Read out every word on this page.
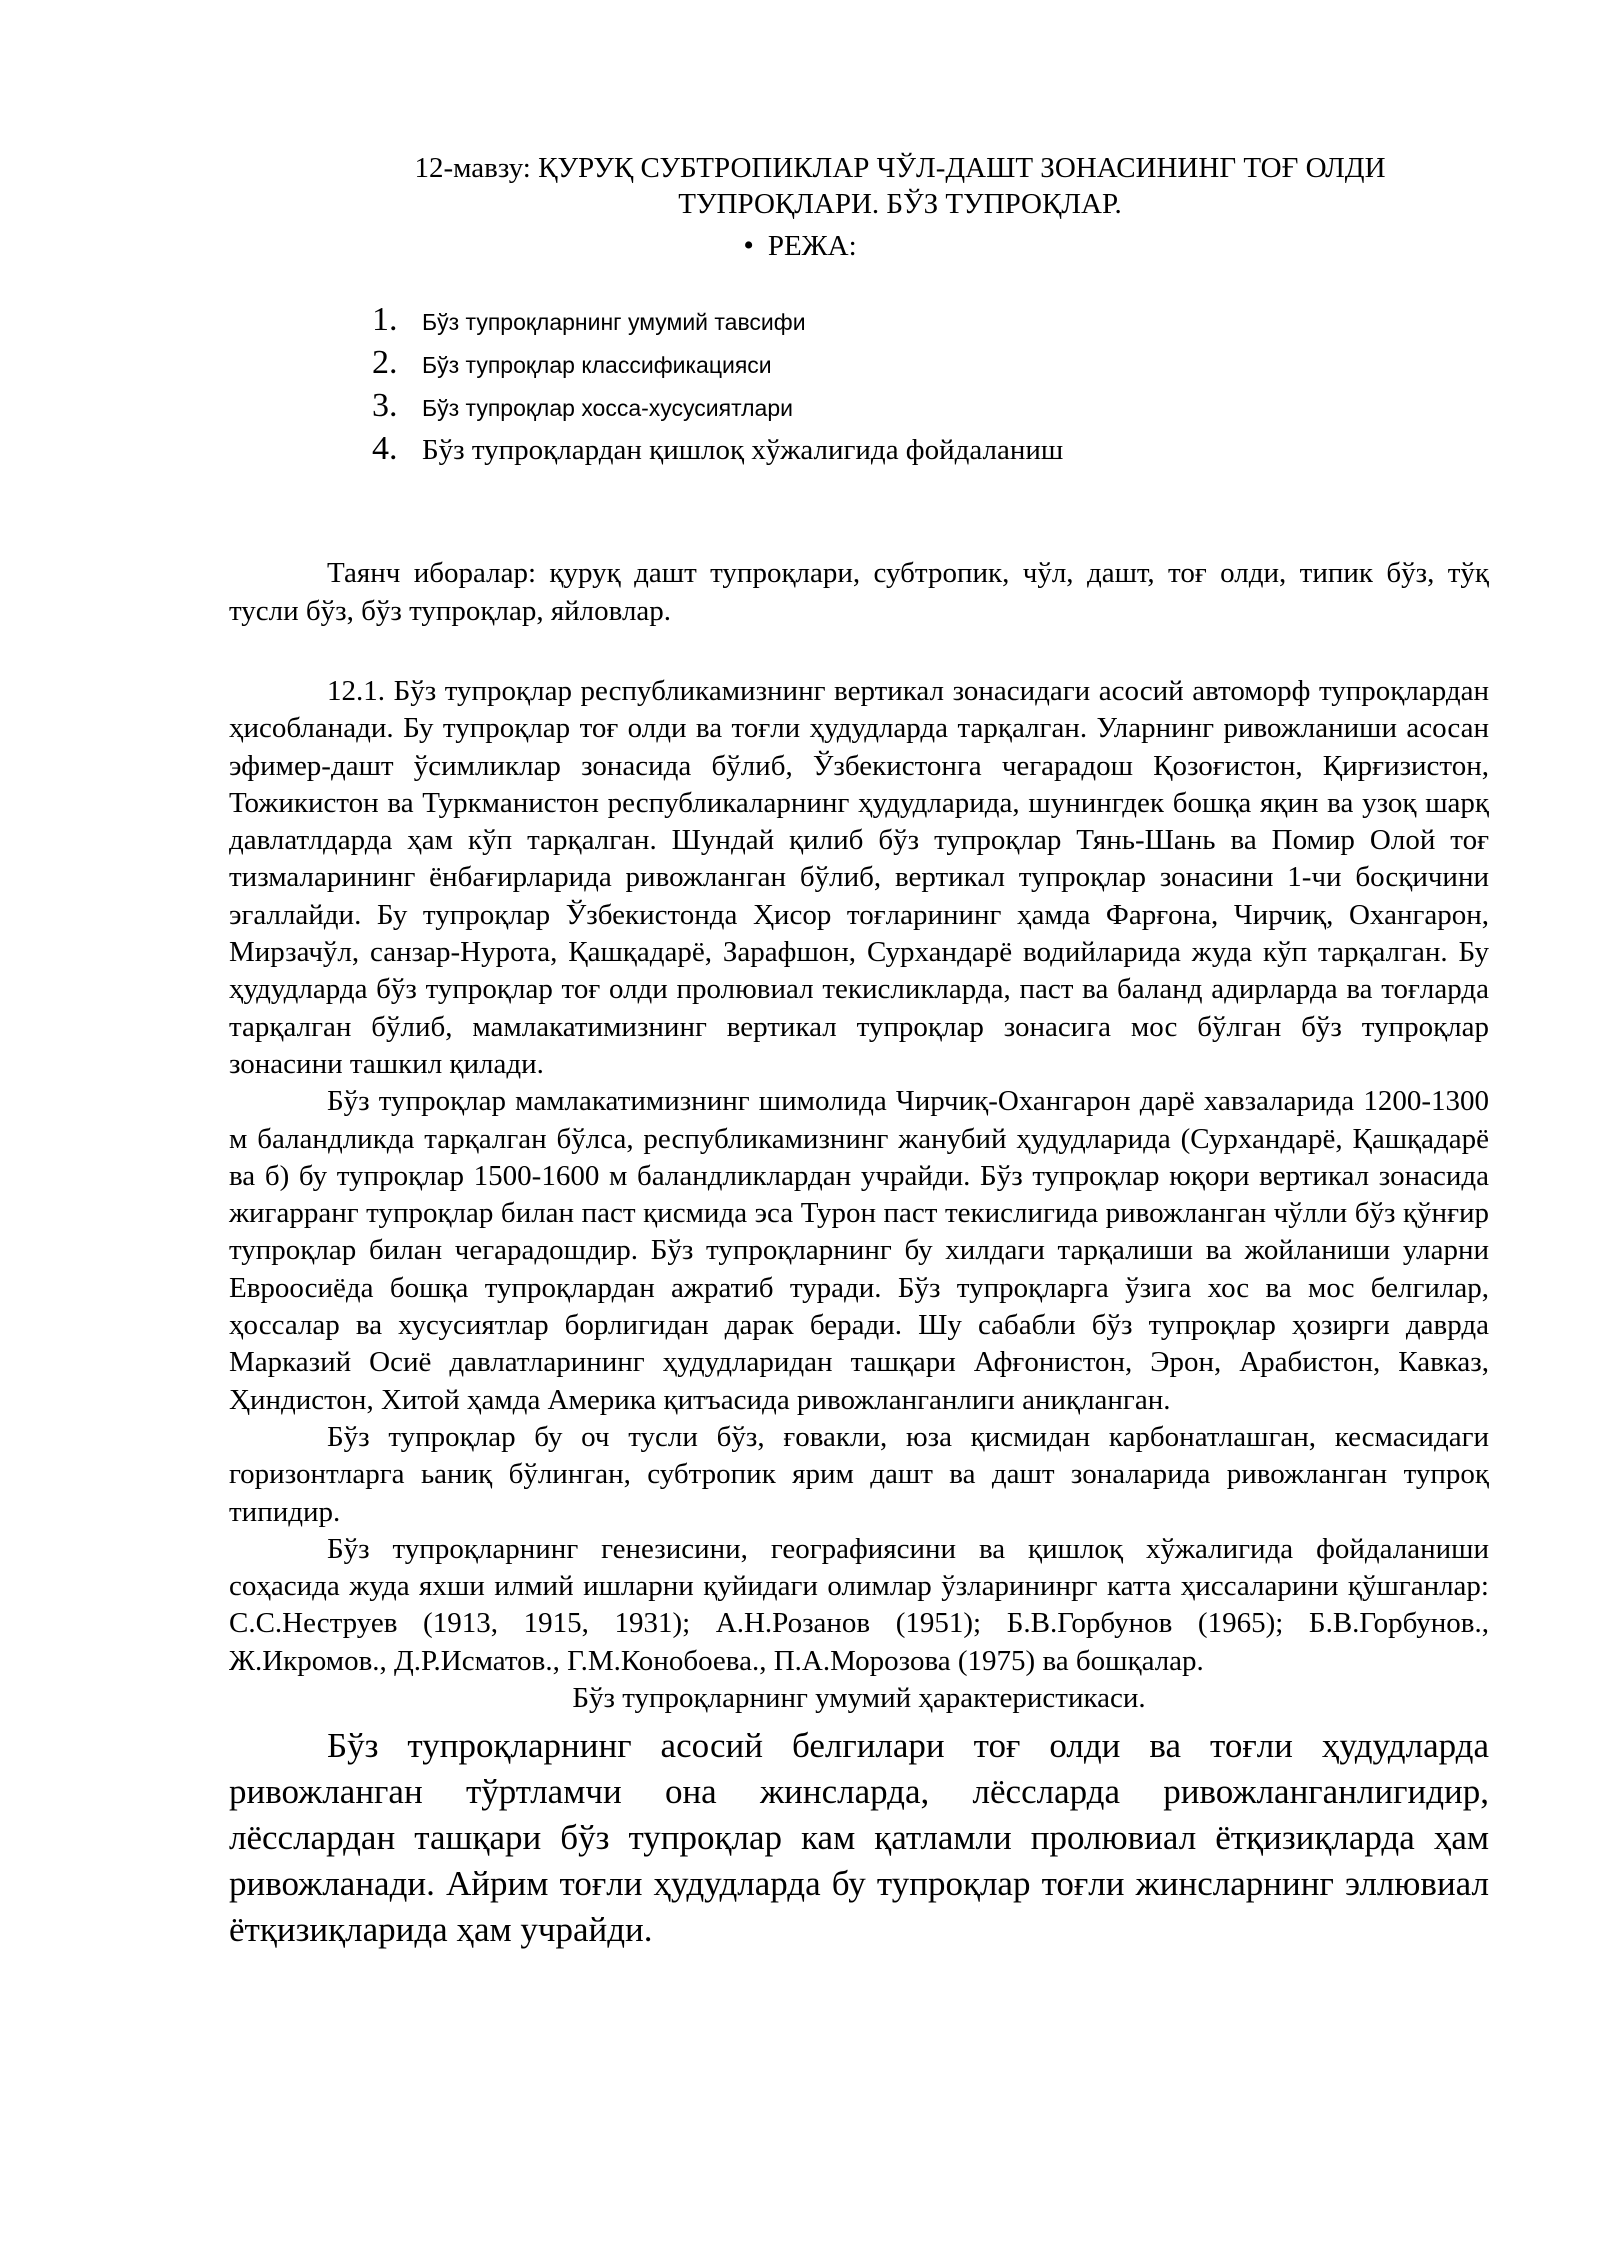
12-мавзу: ҚУРУҚ СУБТРОПИКЛАР ЧЎЛ-ДАШТ ЗОНАСИНИНГ ТОҒ ОЛДИ
ТУПРОҚЛАРИ. БЎЗ ТУПРОҚЛАР.
• РЕЖА:
1. Бўз тупроқларнинг умумий тавсифи
2. Бўз тупроқлар классификацияси
3. Бўз тупроқлар хосса-хусусиятлари
4. Бўз тупроқлардан қишлоқ хўжалигида фойдаланиш

Таянч иборалар: қуруқ дашт тупроқлари, субтропик, чўл, дашт, тоғ олди, типик бўз, тўқ тусли бўз, бўз тупроқлар, яйловлар.

12.1. Бўз тупроқлар республикамизнинг вертикал зонасидаги асосий автоморф тупроқлардан ҳисобланади. Бу тупроқлар тоғ олди ва тоғли ҳудудларда тарқалган. Уларнинг ривожланиши асосан эфимер-дашт ўсимликлар зонасида бўлиб, Ўзбекистонга чегарадош Қозоғистон, Қирғизистон, Тожикистон ва Туркманистон республикаларнинг ҳудудларида, шунингдек бошқа яқин ва узоқ шарқ давлатлдарда ҳам кўп тарқалган. Шундай қилиб бўз тупроқлар Тянь-Шань ва Помир Олой тоғ тизмаларининг ёнбағирларида ривожланган бўлиб, вертикал тупроқлар зонасини 1-чи босқичини эгаллайди. Бу тупроқлар Ўзбекистонда Ҳисор тоғларининг ҳамда Фарғона, Чирчиқ, Охангарон, Мирзачўл, санзар-Нурота, Қашқадарё, Зарафшон, Сурхандарё водийларида жуда кўп тарқалган. Бу ҳудудларда бўз тупроқлар тоғ олди пролювиал текисликларда, паст ва баланд адирларда ва тоғларда тарқалган бўлиб, мамлакатимизнинг вертикал тупроқлар зонасига мос бўлган бўз тупроқлар зонасини ташкил қилади.

Бўз тупроқлар мамлакатимизнинг шимолида Чирчиқ-Охангарон дарё хавзаларида 1200-1300 м баландликда тарқалган бўлса, республикамизнинг жанубий ҳудудларида (Сурхандарё, Қашқадарё ва б) бу тупроқлар 1500-1600 м баландликлардан учрайди. Бўз тупроқлар юқори вертикал зонасида жигарранг тупроқлар билан паст қисмида эса Турон паст текислигида ривожланган чўлли бўз қўнғир тупроқлар билан чегарадошдир. Бўз тупроқларнинг бу хилдаги тарқалиши ва жойланиши уларни Евроосиёда бошқа тупроқлардан ажратиб туради. Бўз тупроқларга ўзига хос ва мос белгилар, ҳоссалар ва хусусиятлар борлигидан дарак беради. Шу сабабли бўз тупроқлар ҳозирги даврда Марказий Осиё давлатларининг ҳудудларидан ташқари Афғонистон, Эрон, Арабистон, Кавказ, Ҳиндистон, Хитой ҳамда Америка қитъасида ривожланганлиги аниқланган.

Бўз тупроқлар бу оч тусли бўз, ғовакли, юза қисмидан карбонатлашган, кесмасидаги горизонтларга ьаниқ бўлинган, субтропик ярим дашт ва дашт зоналарида ривожланган тупроқ типидир.

Бўз тупроқларнинг генезисини, географиясини ва қишлоқ хўжалигида фойдаланиши соҳасида жуда яхши илмий ишларни қуйидаги олимлар ўзларининрг катта ҳиссаларини қўшганлар: С.С.Неструев (1913, 1915, 1931); А.Н.Розанов (1951); Б.В.Горбунов (1965); Б.В.Горбунов., Ж.Икромов., Д.Р.Исматов., Г.М.Конобоева., П.А.Морозова (1975) ва бошқалар.

Бўз тупроқларнинг умумий ҳарактеристикаси.

Бўз тупроқларнинг асосий белгилари тоғ олди ва тоғли ҳудудларда ривожланган тўртламчи она жинсларда, лёссларда ривожланганлигидир, лёсслардан ташқари бўз тупроқлар кам қатламли пролювиал ётқизиқларда ҳам ривожланади. Айрим тоғли ҳудудларда бу тупроқлар тоғли жинсларнинг эллювиал ётқизиқларида ҳам учрайди.
